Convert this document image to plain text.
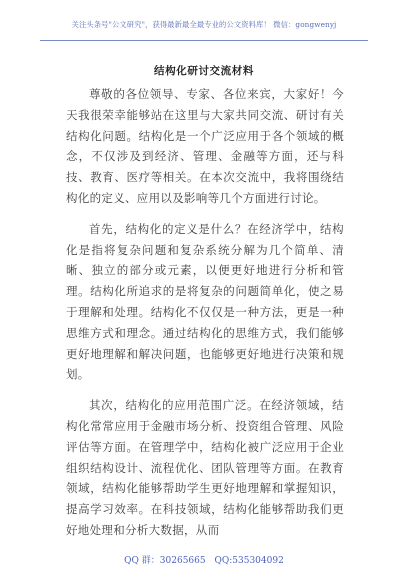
关注头条号"公文研究"，获得最新最全最专业的公文资料库！ 微信：gongwenyj
结构化研讨交流材料

尊敬的各位领导、专家、各位来宾，大家好！今天我很荣幸能够站在这里与大家共同交流、研讨有关结构化问题。结构化是一个广泛应用于各个领域的概念，不仅涉及到经济、管理、金融等方面，还与科技、教育、医疗等相关。在本次交流中，我将围绕结构化的定义、应用以及影响等几个方面进行讨论。

首先，结构化的定义是什么？在经济学中，结构化是指将复杂问题和复杂系统分解为几个简单、清晰、独立的部分或元素，以便更好地进行分析和管理。结构化所追求的是将复杂的问题简单化，使之易于理解和处理。结构化不仅仅是一种方法，更是一种思维方式和理念。通过结构化的思维方式，我们能够更好地理解和解决问题，也能够更好地进行决策和规划。

其次，结构化的应用范围广泛。在经济领域，结构化常常应用于金融市场分析、投资组合管理、风险评估等方面。在管理学中，结构化被广泛应用于企业组织结构设计、流程优化、团队管理等方面。在教育领域，结构化能够帮助学生更好地理解和掌握知识，提高学习效率。在科技领域，结构化能够帮助我们更好地处理和分析大数据，从而

QQ 群：30265665 QQ:535304092
